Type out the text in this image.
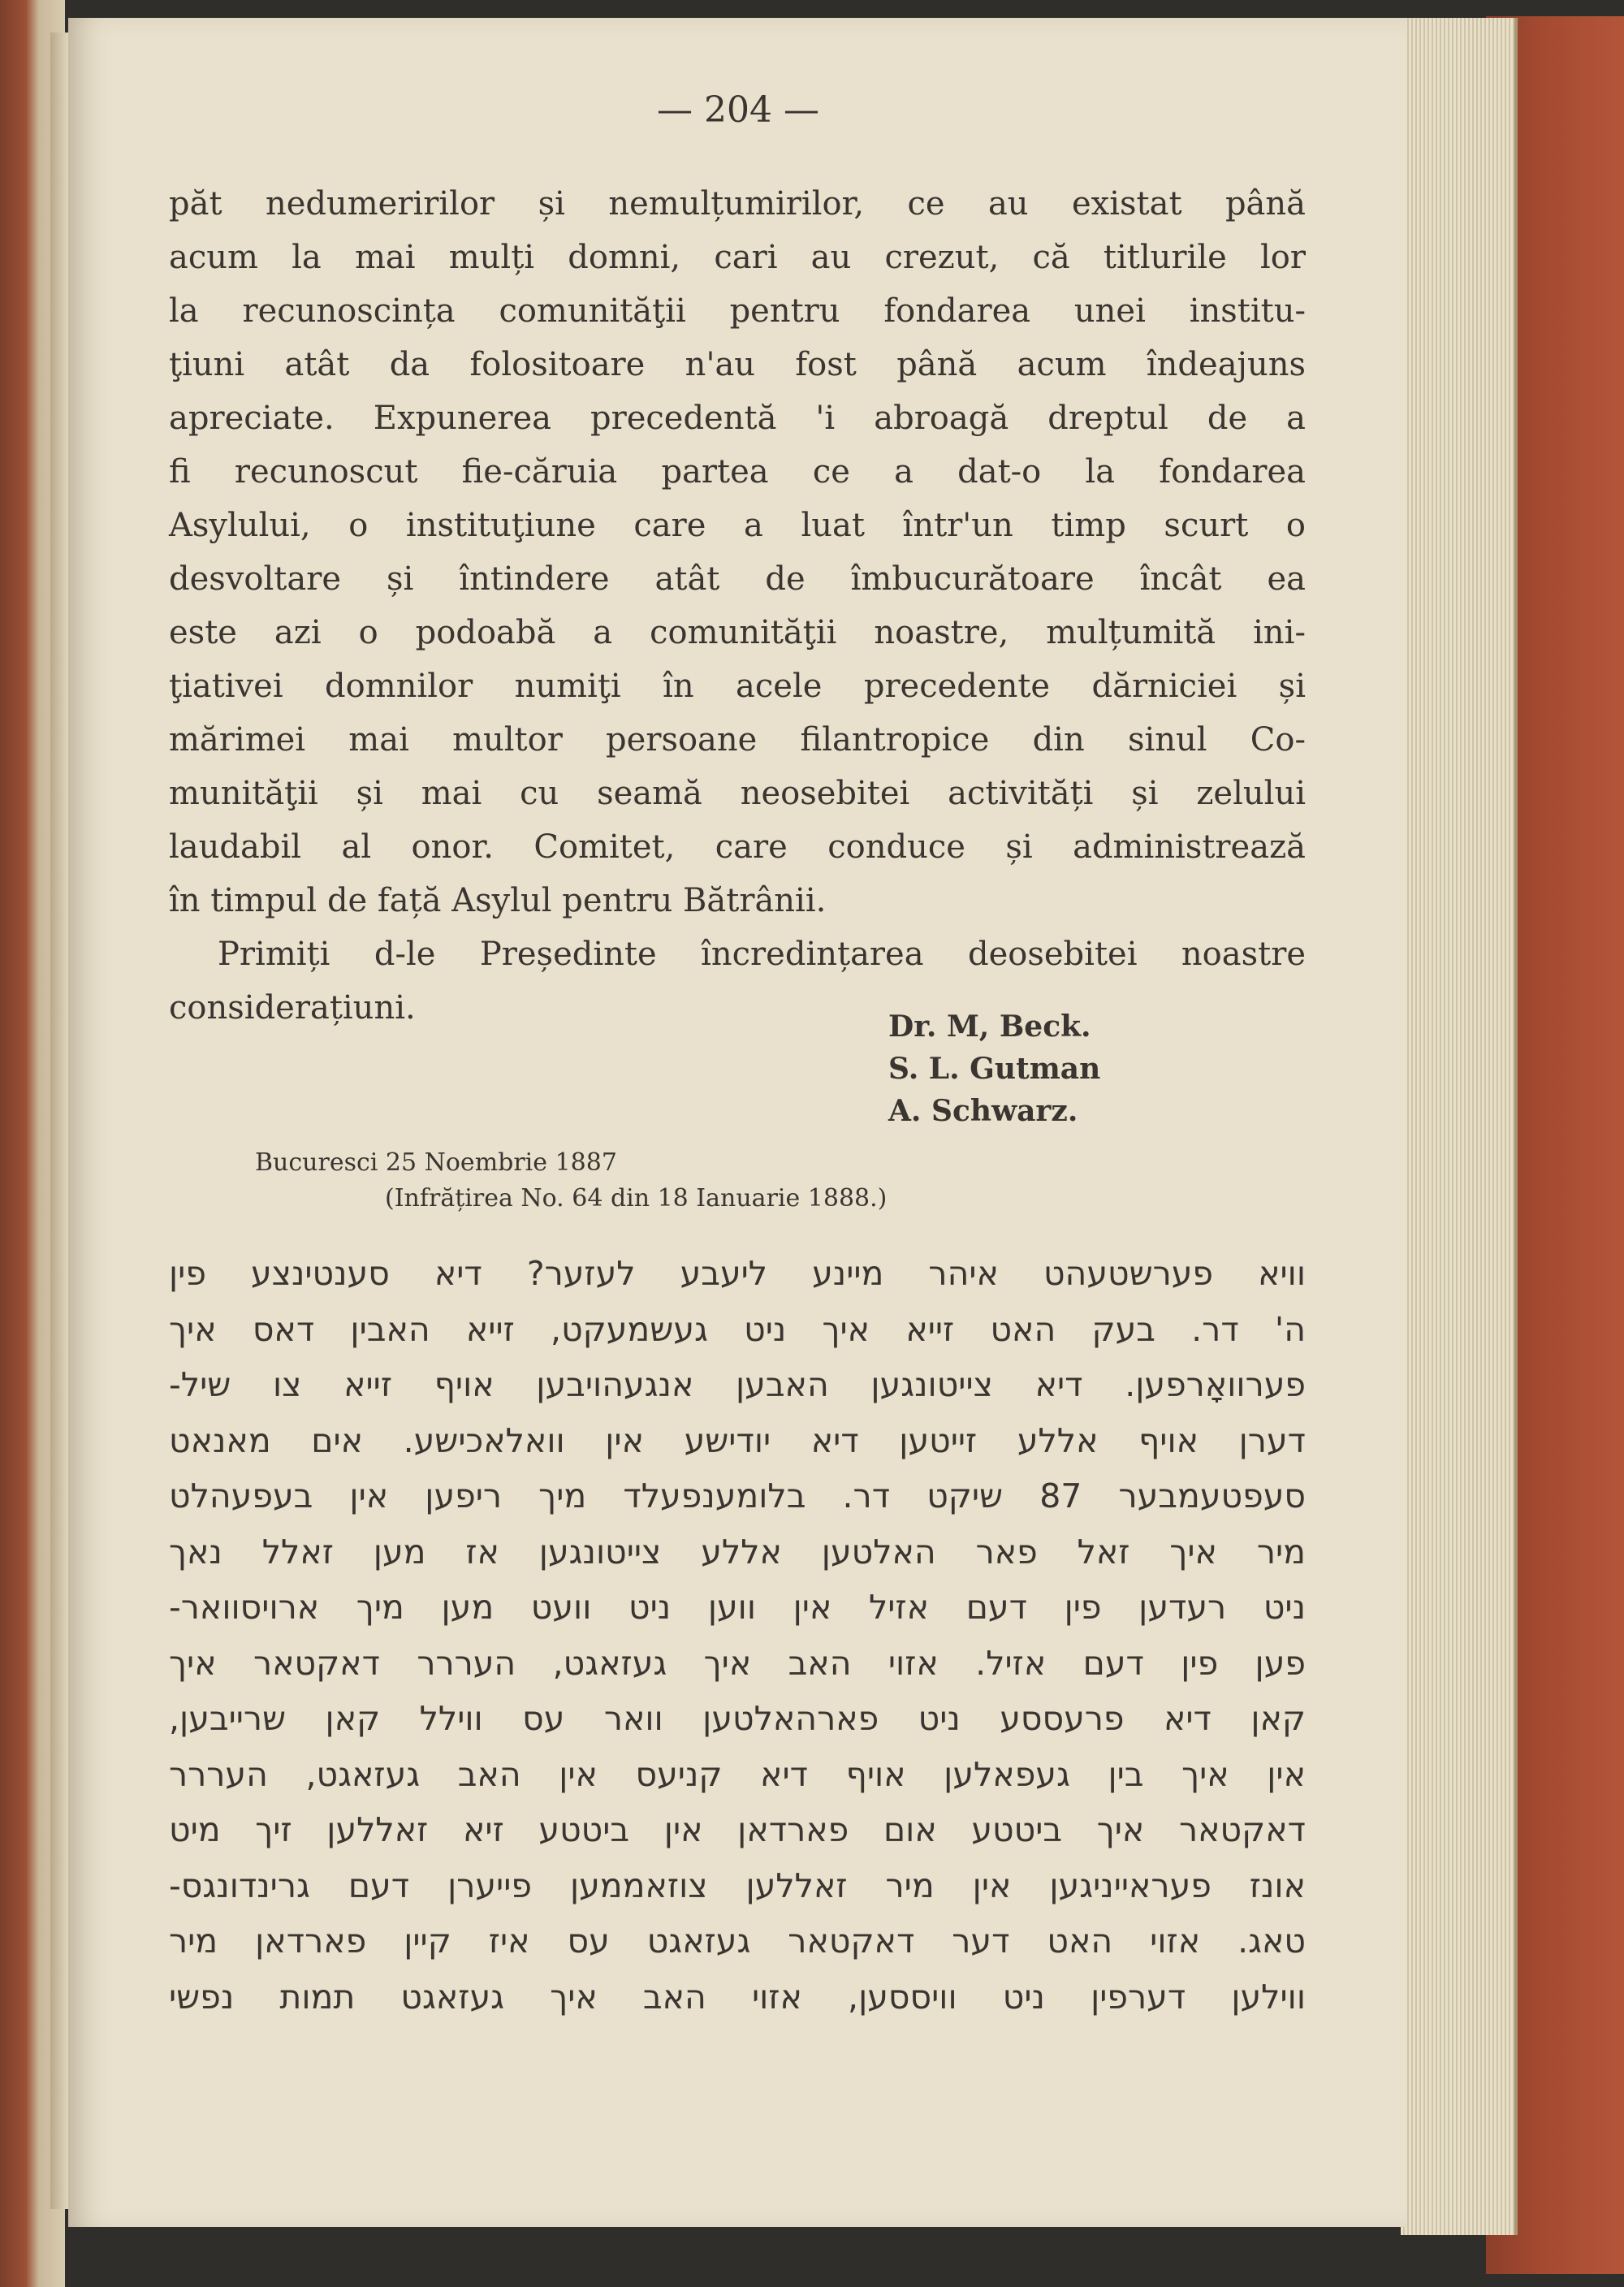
— 204 —
păt nedumeririlor și nemulțumirilor, ce au existat până
acum la mai mulți domni, cari au crezut, că titlurile lor
la recunoscința comunităţii pentru fondarea unei institu-
ţiuni atât da folositoare n'au fost până acum îndeajuns
apreciate. Expunerea precedentă 'i abroagă dreptul de a
fi recunoscut fie-căruia partea ce a dat-o la fondarea
Asylului, o instituţiune care a luat într'un timp scurt o
desvoltare și întindere atât de îmbucurătoare încât ea
este azi o podoabă a comunităţii noastre, mulțumită ini-
ţiativei domnilor numiţi în acele precedente dărniciei și
mărimei mai multor persoane filantropice din sinul Co-
munităţii și mai cu seamă neosebitei activități și zelului
laudabil al onor. Comitet, care conduce și administrează
în timpul de față Asylul pentru Bătrânii.
Primiți d-le Președinte încredințarea deosebitei noastre
considerațiuni.	Dr. M, Beck.
S. L. Gutman
A. Schwarz.
Bucuresci 25 Noembrie 1887
(Infrățirea No. 64 din 18 Ianuarie 1888.)
וויא פערשטעהט איהר מיינע ליעבע לעזער? דיא סענטינצע פין
ה' דר. בעק האט זייא איך ניט געשמעקט, זייא האבין דאס איך
פערוואָרפען. דיא צייטונגען האבען אנגעהויבען אויף זייא צו שיל-
דערן אויף אללע זייטען דיא יודישע אין וואלאכישע. אים מאנאט
סעפטעמבער 87 שיקט דר. בלומענפעלד מיך ריפען אין בעפעהלט
מיר איך זאל פאר האלטען אללע צייטונגען אז מען זאלל נאך
ניט רעדען פין דעם אזיל אין ווען ניט וועט מען מיך ארויסוואר-
פען פין דעם אזיל. אזוי האב איך געזאגט, העררר דאקטאר איך
קאן דיא פרעססע ניט פארהאלטען וואר עס ווילל קאן שרייבען,
אין איך בין געפאלען אויף דיא קניעס אין האב געזאגט, העררר
דאקטאר איך ביטטע אום פארדאן אין ביטטע זיא זאללען זיך מיט
אונז פעראייניגען אין מיר זאללען צוזאממען פייערן דעם גרינדונגס-
טאג. אזוי האט דער דאקטאר געזאגט עס איז קיין פארדאן מיר
ווילען דערפין ניט וויססען, אזוי האב איך געזאגט תמות נפשי
